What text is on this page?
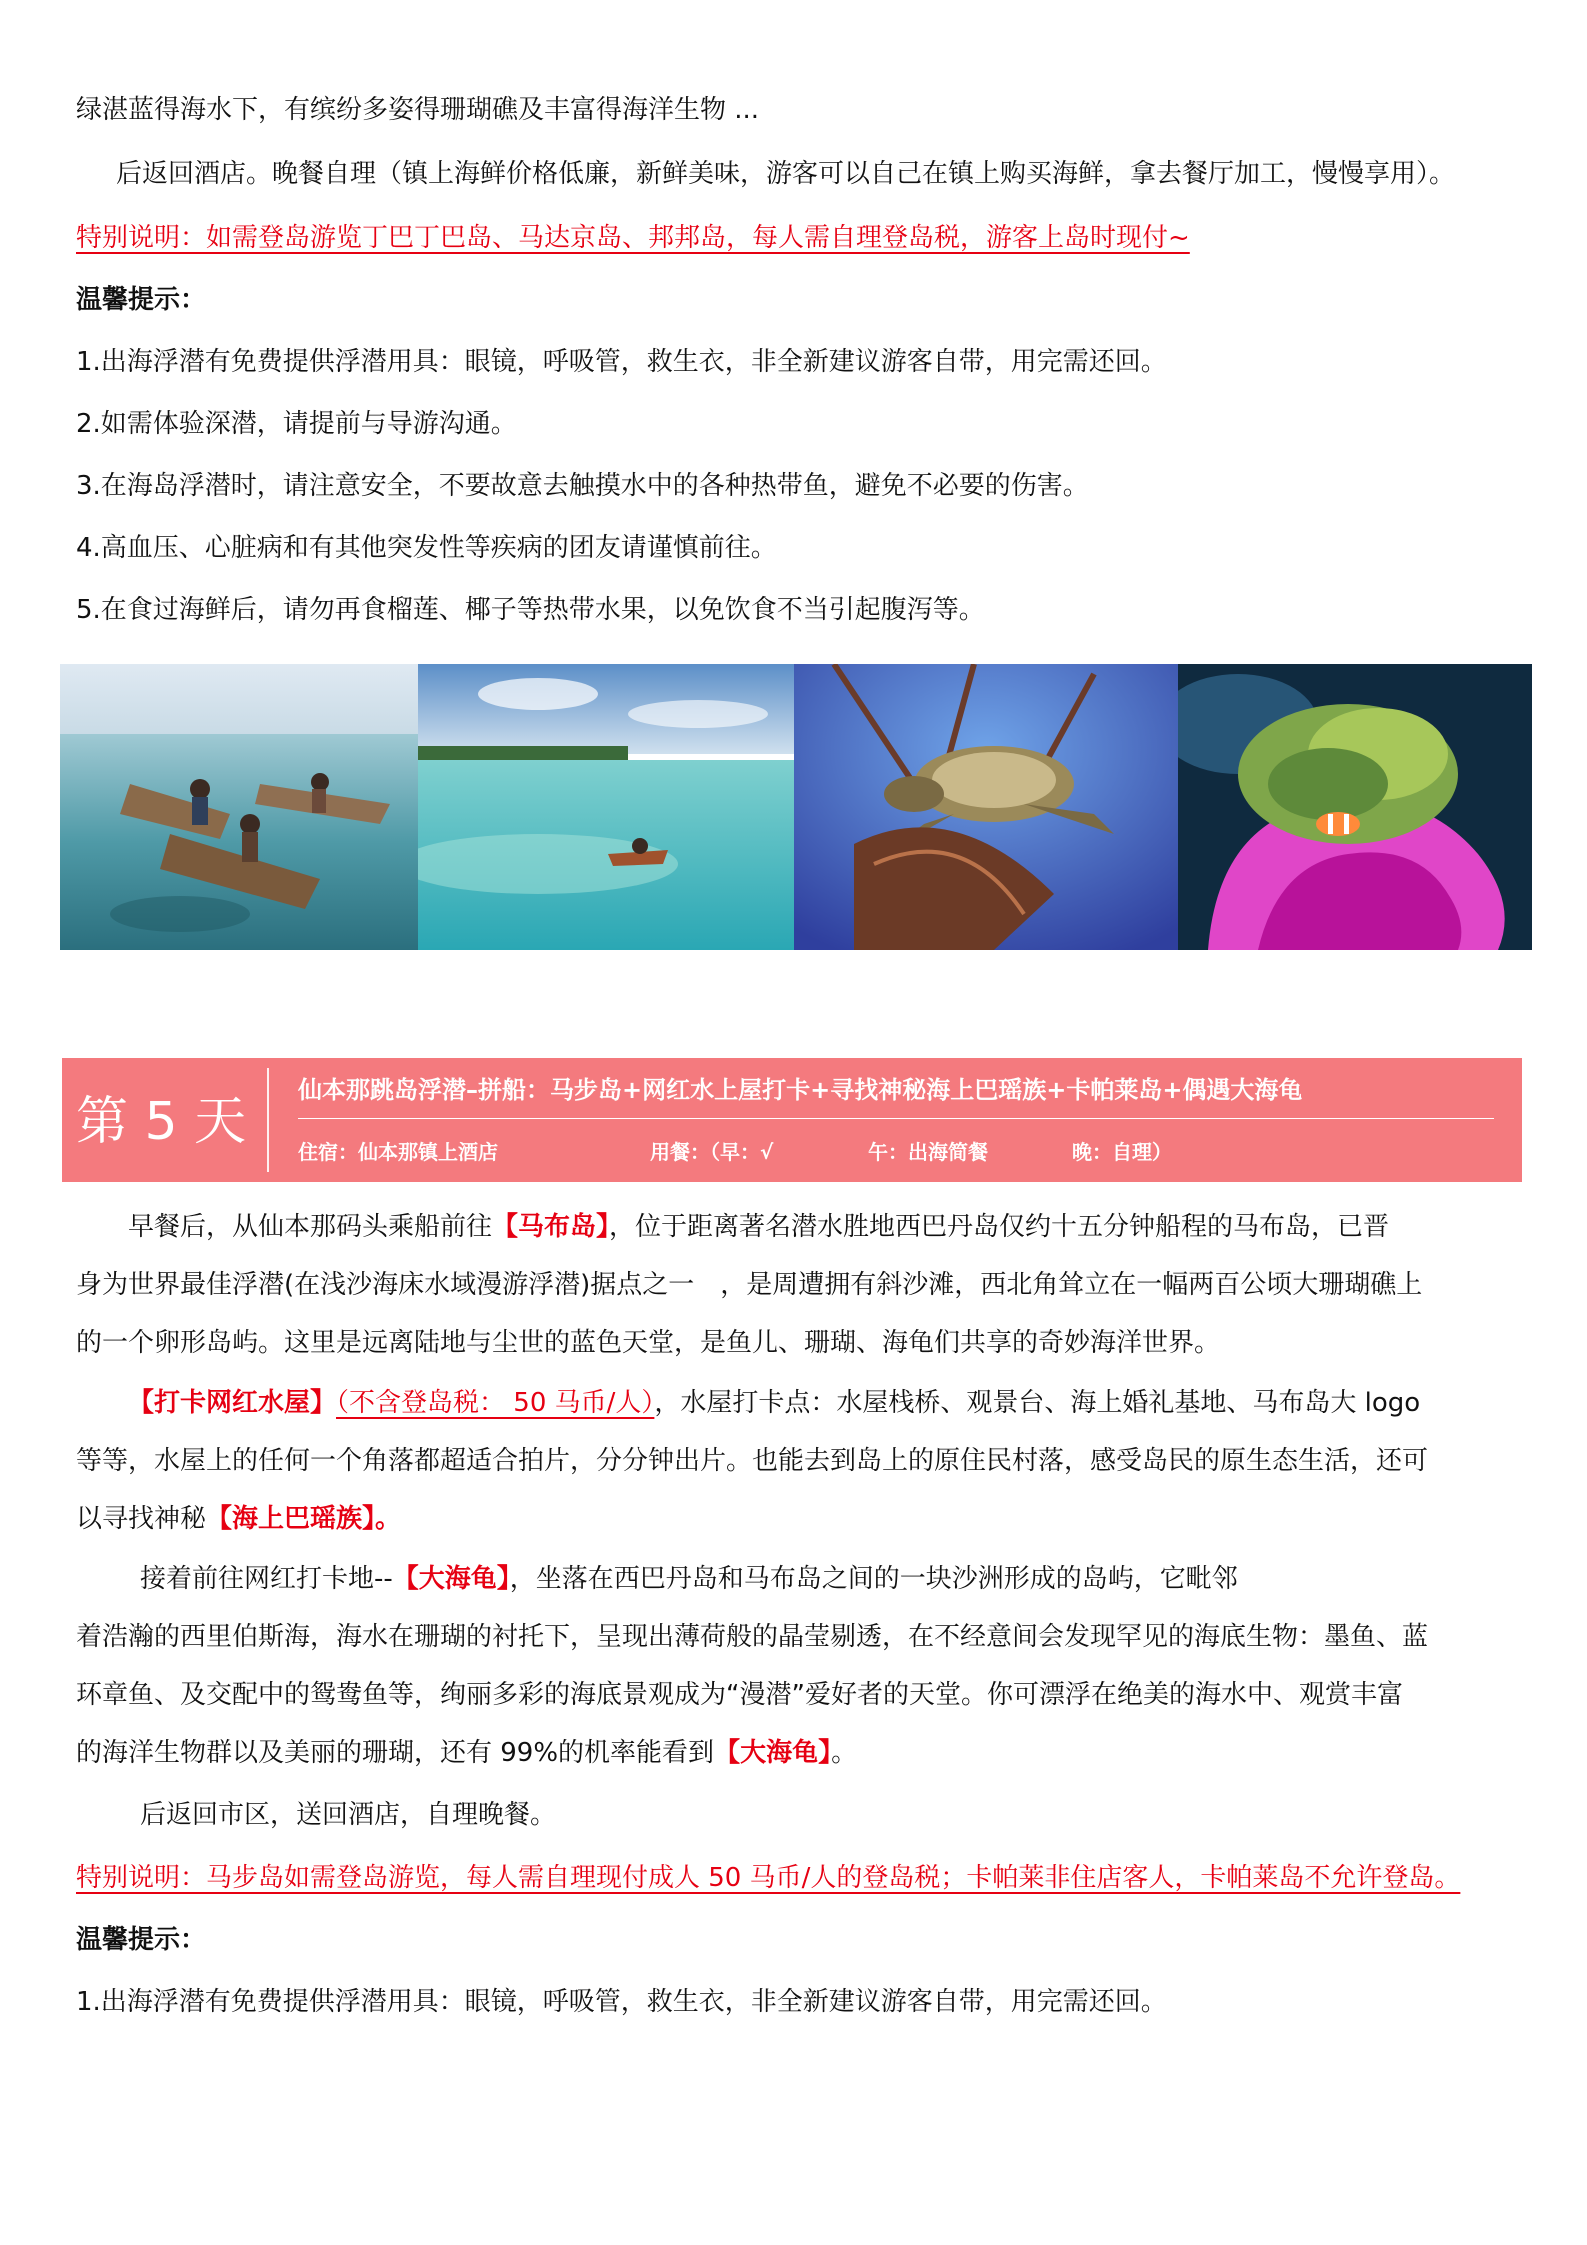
绿湛蓝得海水下，有缤纷多姿得珊瑚礁及丰富得海洋生物 ...
后返回酒店。晚餐自理（镇上海鲜价格低廉，新鲜美味，游客可以自己在镇上购买海鲜，拿去餐厅加工，慢慢享用）。
特别说明：如需登岛游览丁巴丁巴岛、马达京岛、邦邦岛，每人需自理登岛税，游客上岛时现付~
温馨提示：
1.出海浮潜有免费提供浮潜用具：眼镜，呼吸管，救生衣，非全新建议游客自带，用完需还回。
2.如需体验深潜，请提前与导游沟通。
3.在海岛浮潜时，请注意安全，不要故意去触摸水中的各种热带鱼，避免不必要的伤害。
4.高血压、心脏病和有其他突发性等疾病的团友请谨慎前往。
5.在食过海鲜后，请勿再食榴莲、椰子等热带水果，以免饮食不当引起腹泻等。
第 5 天
仙本那跳岛浮潜–拼船：马步岛+网红水上屋打卡+寻找神秘海上巴瑶族+卡帕莱岛+偶遇大海龟
住宿：仙本那镇上酒店	用餐：（早：√	午：出海简餐	晚：自理）
早餐后，从仙本那码头乘船前往【马布岛】，位于距离著名潜水胜地西巴丹岛仅约十五分钟船程的马布岛，已晋
身为世界最佳浮潜(在浅沙海床水域漫游浮潜)据点之一　，是周遭拥有斜沙滩，西北角耸立在一幅两百公顷大珊瑚礁上
的一个卵形岛屿。这里是远离陆地与尘世的蓝色天堂，是鱼儿、珊瑚、海龟们共享的奇妙海洋世界。
【打卡网红水屋】（不含登岛税： 50 马币/人），水屋打卡点：水屋栈桥、观景台、海上婚礼基地、马布岛大 logo
等等，水屋上的任何一个角落都超适合拍片，分分钟出片。也能去到岛上的原住民村落，感受岛民的原生态生活，还可
以寻找神秘【海上巴瑶族】。
接着前往网红打卡地--【大海龟】，坐落在西巴丹岛和马布岛之间的一块沙洲形成的岛屿，它毗邻
着浩瀚的西里伯斯海，海水在珊瑚的衬托下，呈现出薄荷般的晶莹剔透，在不经意间会发现罕见的海底生物：墨鱼、蓝
环章鱼、及交配中的鸳鸯鱼等，绚丽多彩的海底景观成为“漫潜”爱好者的天堂。你可漂浮在绝美的海水中、观赏丰富
的海洋生物群以及美丽的珊瑚，还有 99%的机率能看到【大海龟】。
后返回市区，送回酒店，自理晚餐。
特别说明：马步岛如需登岛游览，每人需自理现付成人 50 马币/人的登岛税；卡帕莱非住店客人，卡帕莱岛不允许登岛。
温馨提示：
1.出海浮潜有免费提供浮潜用具：眼镜，呼吸管，救生衣，非全新建议游客自带，用完需还回。
